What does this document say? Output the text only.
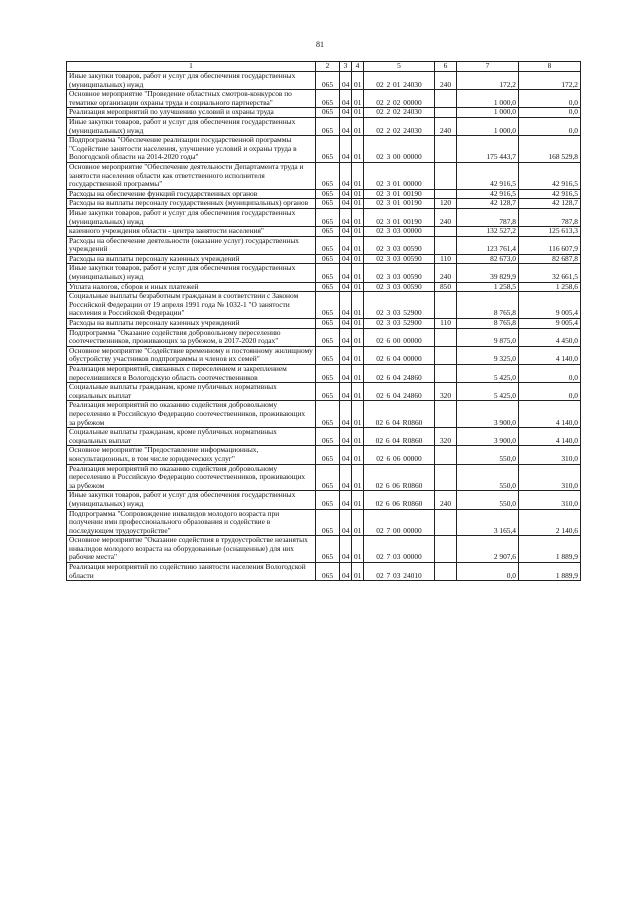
81
1	2	3	4	5	6	7	8
Иные закупки товаров, работ и услуг для обеспечения государственных (муниципальных) нужд	065	04	01	02 2 01 24030	240	172,2	172,2
Основное мероприятие "Проведение областных смотров-конкурсов по тематике организации охраны труда и социального партнерства"	065	04	01	02 2 02 00000		1 000,0	0,0
Реализация мероприятий по улучшению условий и охраны труда	065	04	01	02 2 02 24030		1 000,0	0,0
Иные закупки товаров, работ и услуг для обеспечения государственных (муниципальных) нужд	065	04	01	02 2 02 24030	240	1 000,0	0,0
Подпрограмма "Обеспечение реализации государственной программы "Содействие занятости населения, улучшение условий и охраны труда в Вологодской области на 2014-2020 годы"	065	04	01	02 3 00 00000		175 443,7	168 529,8
Основное мероприятие "Обеспечение деятельности Департамента труда и занятости населения области как ответственного исполнителя государственной программы"	065	04	01	02 3 01 00000		42 916,5	42 916,5
Расходы на обеспечение функций государственных органов	065	04	01	02 3 01 00190		42 916,5	42 916,5
Расходы на выплаты персоналу государственных (муниципальных) органов	065	04	01	02 3 01 00190	120	42 128,7	42 128,7
Иные закупки товаров, работ и услуг для обеспечения государственных (муниципальных) нужд	065	04	01	02 3 01 00190	240	787,8	787,8
казенного учреждения области - центра занятости населения"	065	04	01	02 3 03 00000		132 527,2	125 613,3
Расходы на обеспечение деятельности (оказание услуг) государственных учреждений	065	04	01	02 3 03 00590		123 761,4	116 607,9
Расходы на выплаты персоналу казенных учреждений	065	04	01	02 3 03 00590	110	82 673,0	82 687,8
Иные закупки товаров, работ и услуг для обеспечения государственных (муниципальных) нужд	065	04	01	02 3 03 00590	240	39 829,9	32 661,5
Уплата налогов, сборов и иных платежей	065	04	01	02 3 03 00590	850	1 258,5	1 258,6
Социальные выплаты безработным гражданам в соответствии с Законом Российской Федерации от 19 апреля 1991 года № 1032-1 "О занятости населения в Российской Федерации"	065	04	01	02 3 03 52900		8 765,8	9 005,4
Расходы на выплаты персоналу казенных учреждений	065	04	01	02 3 03 52900	110	8 765,8	9 005,4
Подпрограмма "Оказание содействия добровольному переселению соотечественников, проживающих за рубежом, в 2017-2020 годах"	065	04	01	02 6 00 00000		9 875,0	4 450,0
Основное мероприятие "Содействие временному и постоянному жилищному обустройству участников подпрограммы и членов их семей"	065	04	01	02 6 04 00000		9 325,0	4 140,0
Реализация мероприятий, связанных с переселением и закреплением переселившихся в Вологодскую область соотечественников	065	04	01	02 6 04 24860		5 425,0	0,0
Социальные выплаты гражданам, кроме публичных нормативных социальных выплат	065	04	01	02 6 04 24860	320	5 425,0	0,0
Реализация мероприятий по оказанию содействия добровольному переселению в Российскую Федерацию соотечественников, проживающих за рубежом	065	04	01	02 6 04 R0860		3 900,0	4 140,0
Социальные выплаты гражданам, кроме публичных нормативных социальных выплат	065	04	01	02 6 04 R0860	320	3 900,0	4 140,0
Основное мероприятие "Предоставление информационных, консультационных, в том числе юридических услуг"	065	04	01	02 6 06 00000		550,0	310,0
Реализация мероприятий по оказанию содействия добровольному переселению в Российскую Федерацию соотечественников, проживающих за рубежом	065	04	01	02 6 06 R0860		550,0	310,0
Иные закупки товаров, работ и услуг для обеспечения государственных (муниципальных) нужд	065	04	01	02 6 06 R0860	240	550,0	310,0
Подпрограмма "Сопровождение инвалидов молодого возраста при получении ими профессионального образования и содействие в последующем трудоустройстве"	065	04	01	02 7 00 00000		3 165,4	2 140,6
Основное мероприятие "Оказание содействия в трудоустройстве незанятых инвалидов молодого возраста на оборудованные (оснащенные) для них рабочие места"	065	04	01	02 7 03 00000		2 907,6	1 889,9
Реализация мероприятий по содействию занятости населения Вологодской области	065	04	01	02 7 03 24010		0,0	1 889,9
